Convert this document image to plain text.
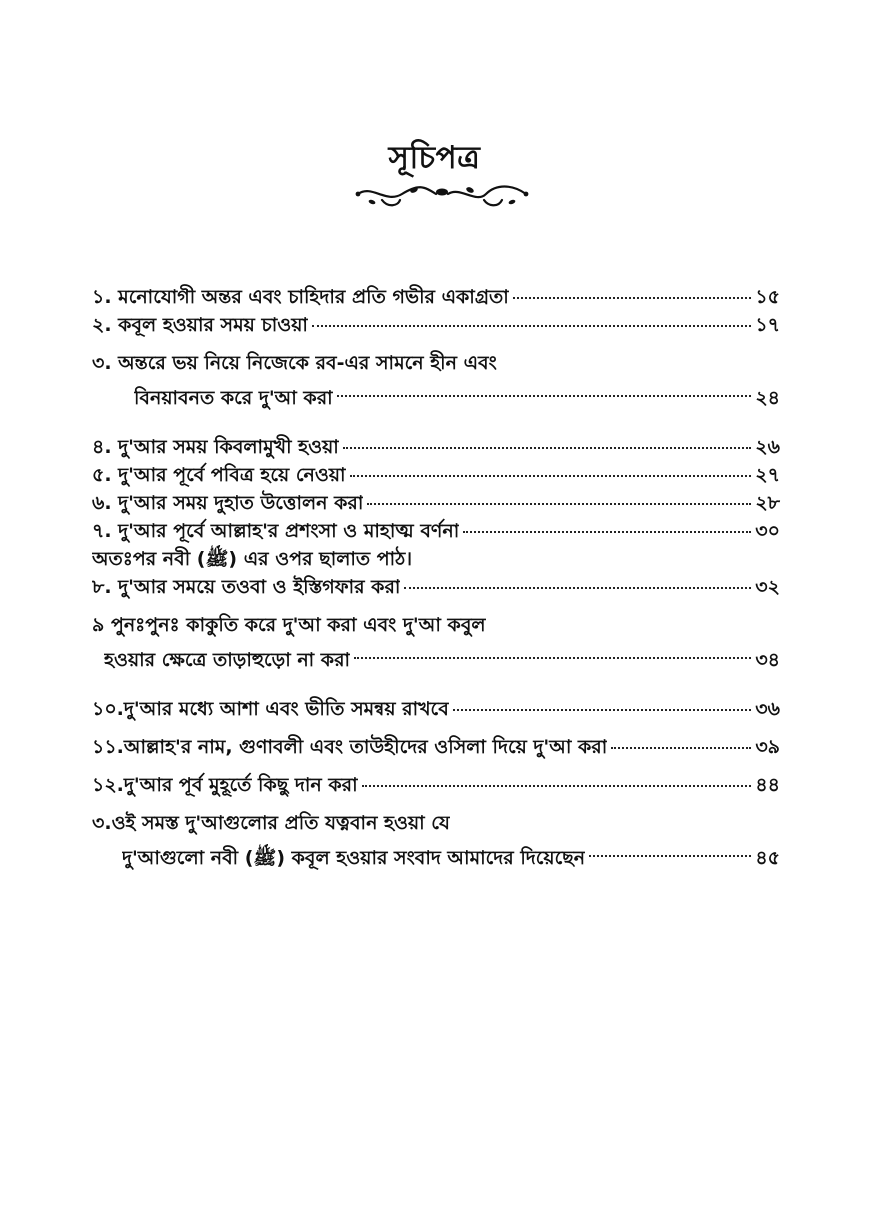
সূচিপত্র
১. মনোযোগী অন্তর এবং চাহিদার প্রতি গভীর একাগ্রতা	১৫
২. কবূল হওয়ার সময় চাওয়া	১৭
৩. অন্তরে ভয় নিয়ে নিজেকে রব-এর সামনে হীন এবং
বিনয়াবনত করে দু'আ করা	২৪
৪. দু'আর সময় কিবলামুখী হওয়া	২৬
৫. দু'আর পূর্বে পবিত্র হয়ে নেওয়া	২৭
৬. দু'আর সময় দুহাত উত্তোলন করা	২৮
৭. দু'আর পূর্বে আল্লাহ'র প্রশংসা ও মাহাত্ম বর্ণনা	৩০
অতঃপর নবী (ﷺ) এর ওপর ছালাত পাঠ।
৮. দু'আর সময়ে তওবা ও ইস্তিগফার করা	৩২
৯ পুনঃপুনঃ কাকুতি করে দু'আ করা এবং দু'আ কবুল
হওয়ার ক্ষেত্রে তাড়াহুড়ো না করা	৩৪
১০.দু'আর মধ্যে আশা এবং ভীতি সমন্বয় রাখবে	৩৬
১১.আল্লাহ'র নাম, গুণাবলী এবং তাউহীদের ওসিলা দিয়ে দু'আ করা	৩৯
১২.দু'আর পূর্ব মুহূর্তে কিছু দান করা	৪৪
৩.ওই সমস্ত দু'আগুলোর প্রতি যত্নবান হওয়া যে
দু'আগুলো নবী (ﷺ) কবূল হওয়ার সংবাদ আমাদের দিয়েছেন	৪৫
